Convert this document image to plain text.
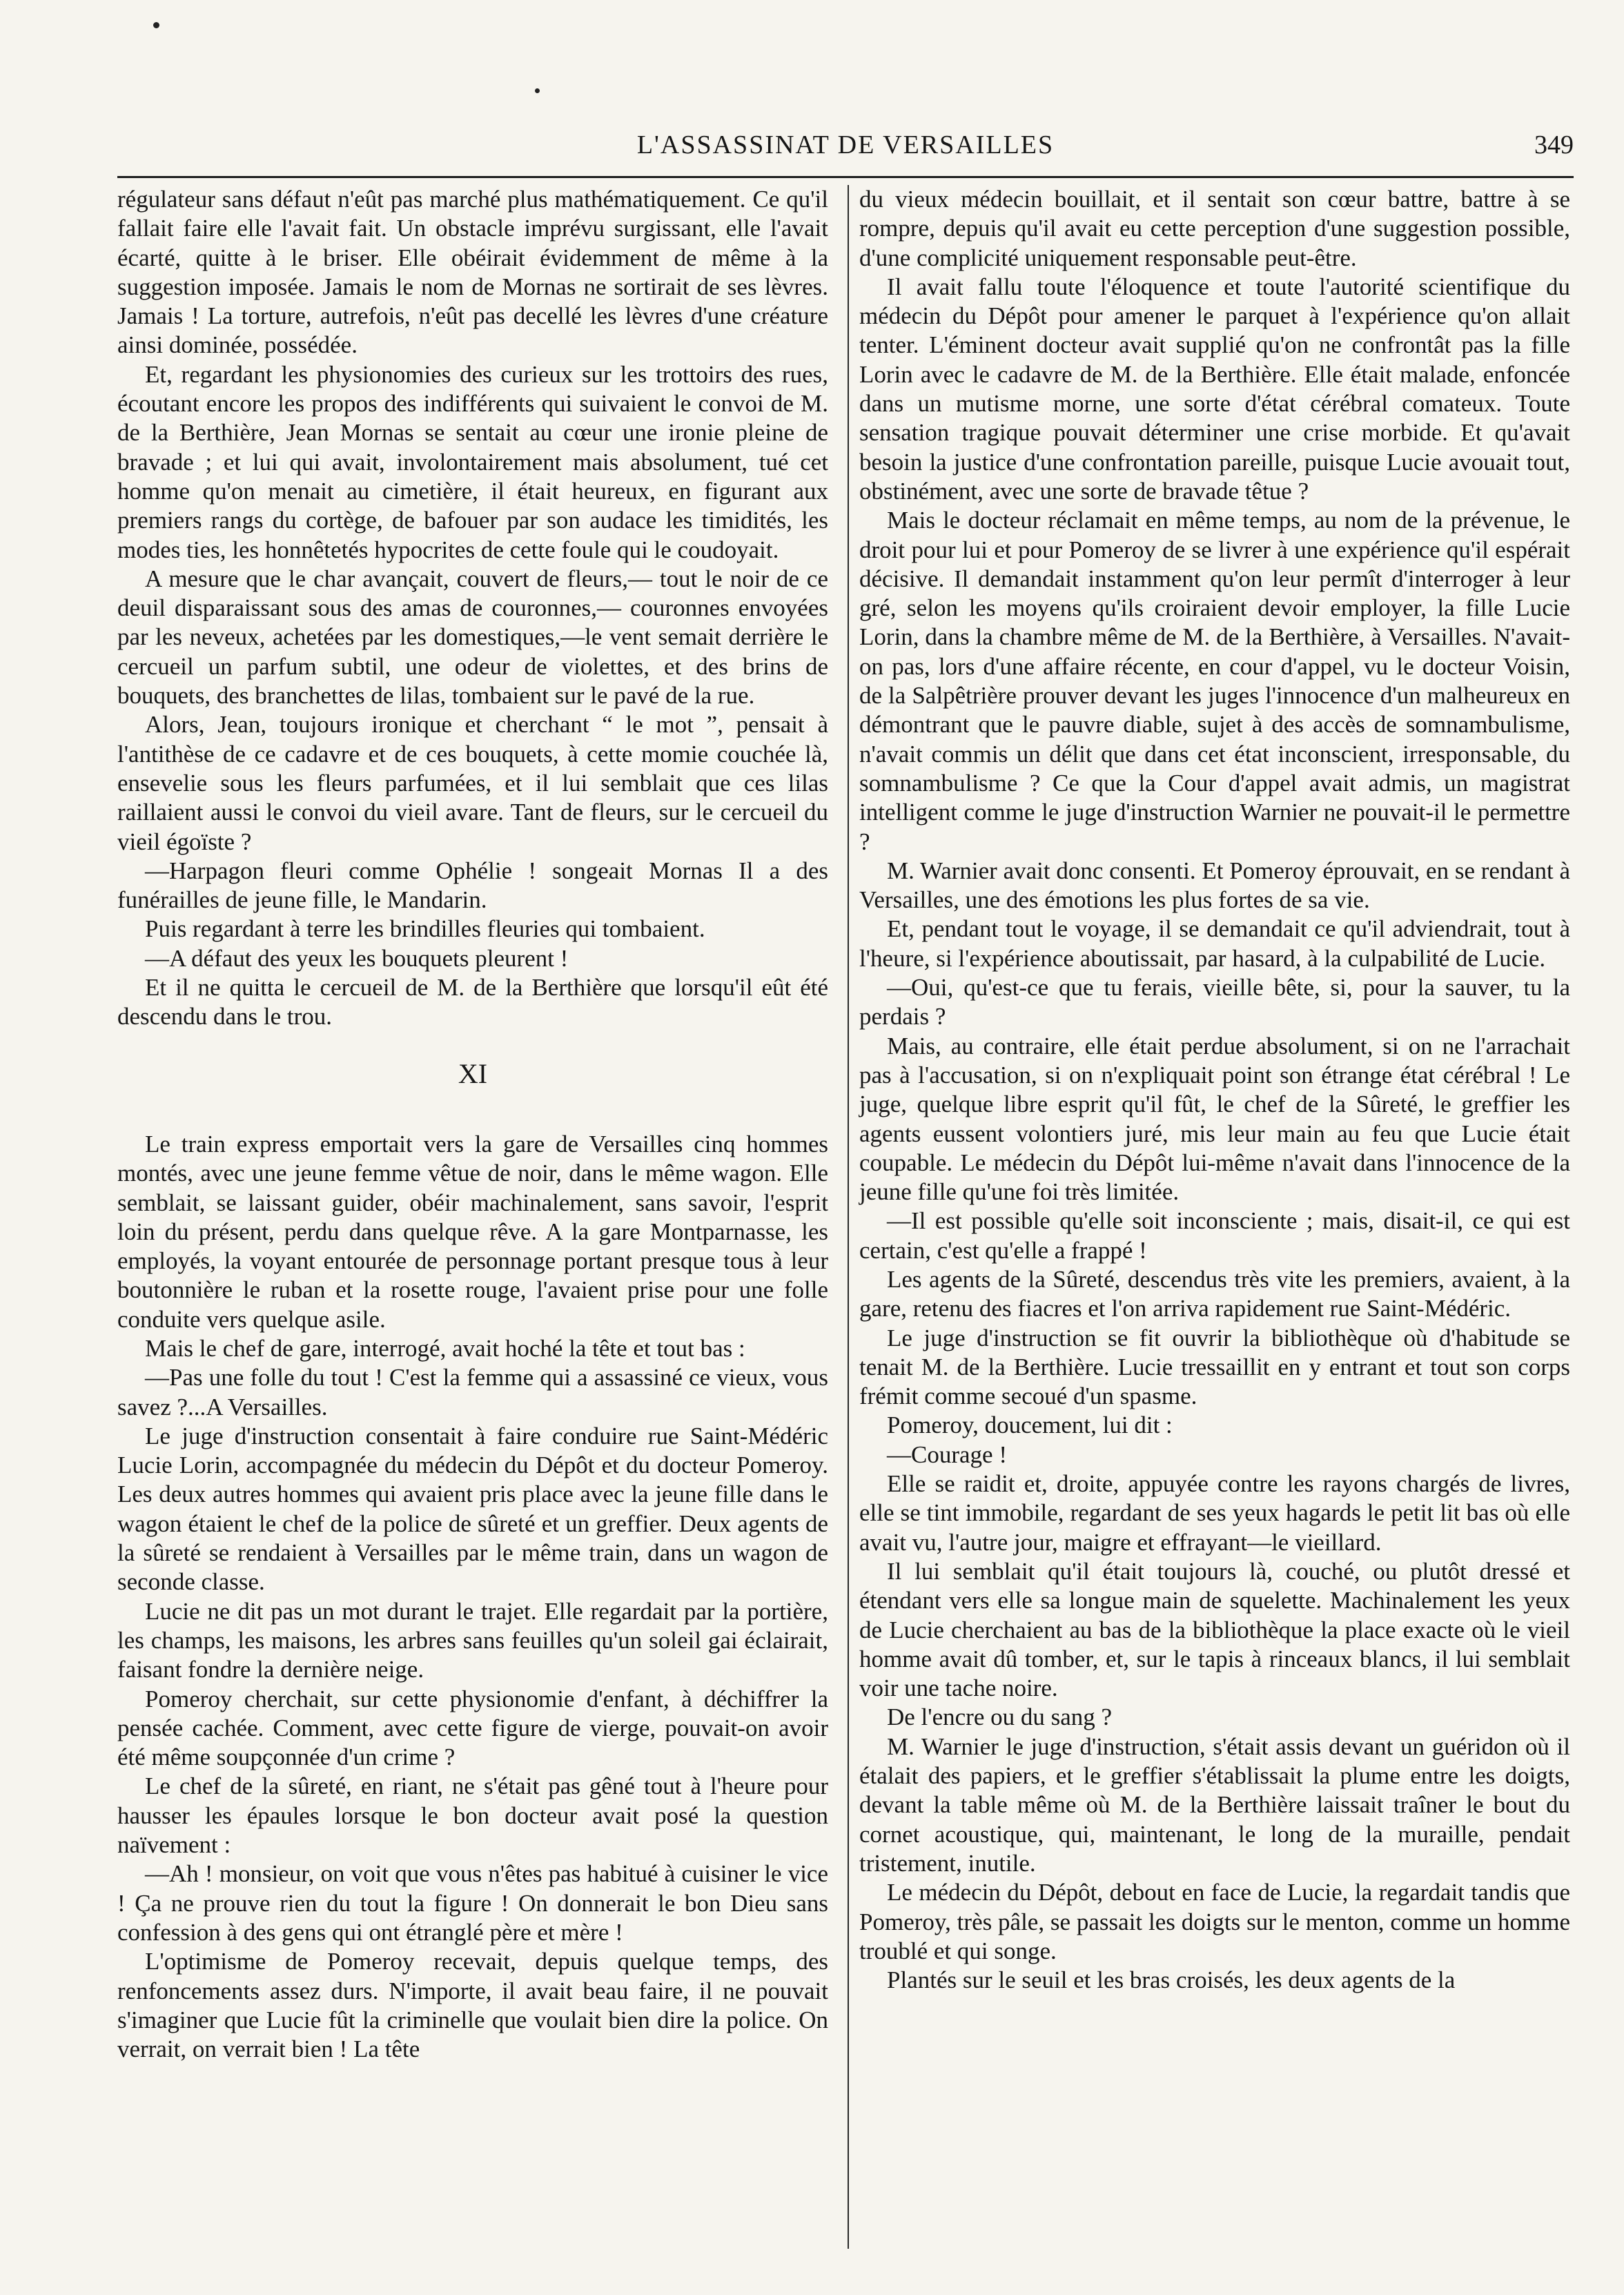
L'ASSASSINAT DE VERSAILLES	349

régulateur sans défaut n'eût pas marché plus mathématiquement. Ce qu'il fallait faire elle l'avait fait. Un obstacle imprévu surgissant, elle l'avait écarté, quitte à le briser. Elle obéirait évidemment de même à la suggestion imposée. Jamais le nom de Mornas ne sortirait de ses lèvres. Jamais ! La torture, autrefois, n'eût pas decellé les lèvres d'une créature ainsi dominée, possédée.

Et, regardant les physionomies des curieux sur les trottoirs des rues, écoutant encore les propos des indifférents qui suivaient le convoi de M. de la Berthière, Jean Mornas se sentait au cœur une ironie pleine de bravade ; et lui qui avait, involontairement mais absolument, tué cet homme qu'on menait au cimetière, il était heureux, en figurant aux premiers rangs du cortège, de bafouer par son audace les timidités, les modes ties, les honnêtetés hypocrites de cette foule qui le coudoyait.

A mesure que le char avançait, couvert de fleurs,— tout le noir de ce deuil disparaissant sous des amas de couronnes,— couronnes envoyées par les neveux, achetées par les domestiques,—le vent semait derrière le cercueil un parfum subtil, une odeur de violettes, et des brins de bouquets, des branchettes de lilas, tombaient sur le pavé de la rue.

Alors, Jean, toujours ironique et cherchant “ le mot ”, pensait à l'antithèse de ce cadavre et de ces bouquets, à cette momie couchée là, ensevelie sous les fleurs parfumées, et il lui semblait que ces lilas raillaient aussi le convoi du vieil avare. Tant de fleurs, sur le cercueil du vieil égoïste ?

—Harpagon fleuri comme Ophélie ! songeait Mornas Il a des funérailles de jeune fille, le Mandarin.

Puis regardant à terre les brindilles fleuries qui tombaient.

—A défaut des yeux les bouquets pleurent !

Et il ne quitta le cercueil de M. de la Berthière que lorsqu'il eût été descendu dans le trou.

XI

Le train express emportait vers la gare de Versailles cinq hommes montés, avec une jeune femme vêtue de noir, dans le même wagon. Elle semblait, se laissant guider, obéir machinalement, sans savoir, l'esprit loin du présent, perdu dans quelque rêve. A la gare Montparnasse, les employés, la voyant entourée de personnage portant presque tous à leur boutonnière le ruban et la rosette rouge, l'avaient prise pour une folle conduite vers quelque asile.

Mais le chef de gare, interrogé, avait hoché la tête et tout bas :

—Pas une folle du tout ! C'est la femme qui a assassiné ce vieux, vous savez ?...A Versailles.

Le juge d'instruction consentait à faire conduire rue Saint-Médéric Lucie Lorin, accompagnée du médecin du Dépôt et du docteur Pomeroy. Les deux autres hommes qui avaient pris place avec la jeune fille dans le wagon étaient le chef de la police de sûreté et un greffier. Deux agents de la sûreté se rendaient à Versailles par le même train, dans un wagon de seconde classe.

Lucie ne dit pas un mot durant le trajet. Elle regardait par la portière, les champs, les maisons, les arbres sans feuilles qu'un soleil gai éclairait, faisant fondre la dernière neige.

Pomeroy cherchait, sur cette physionomie d'enfant, à déchiffrer la pensée cachée. Comment, avec cette figure de vierge, pouvait-on avoir été même soupçonnée d'un crime ?

Le chef de la sûreté, en riant, ne s'était pas gêné tout à l'heure pour hausser les épaules lorsque le bon docteur avait posé la question naïvement :

—Ah ! monsieur, on voit que vous n'êtes pas habitué à cuisiner le vice ! Ça ne prouve rien du tout la figure ! On donnerait le bon Dieu sans confession à des gens qui ont étranglé père et mère !

L'optimisme de Pomeroy recevait, depuis quelque temps, des renfoncements assez durs. N'importe, il avait beau faire, il ne pouvait s'imaginer que Lucie fût la criminelle que voulait bien dire la police. On verrait, on verrait bien ! La tête

du vieux médecin bouillait, et il sentait son cœur battre, battre à se rompre, depuis qu'il avait eu cette perception d'une suggestion possible, d'une complicité uniquement responsable peut-être.

Il avait fallu toute l'éloquence et toute l'autorité scientifique du médecin du Dépôt pour amener le parquet à l'expérience qu'on allait tenter. L'éminent docteur avait supplié qu'on ne confrontât pas la fille Lorin avec le cadavre de M. de la Berthière. Elle était malade, enfoncée dans un mutisme morne, une sorte d'état cérébral comateux. Toute sensation tragique pouvait déterminer une crise morbide. Et qu'avait besoin la justice d'une confrontation pareille, puisque Lucie avouait tout, obstinément, avec une sorte de bravade têtue ?

Mais le docteur réclamait en même temps, au nom de la prévenue, le droit pour lui et pour Pomeroy de se livrer à une expérience qu'il espérait décisive. Il demandait instamment qu'on leur permît d'interroger à leur gré, selon les moyens qu'ils croiraient devoir employer, la fille Lucie Lorin, dans la chambre même de M. de la Berthière, à Versailles. N'avait-on pas, lors d'une affaire récente, en cour d'appel, vu le docteur Voisin, de la Salpêtrière prouver devant les juges l'innocence d'un malheureux en démontrant que le pauvre diable, sujet à des accès de somnambulisme, n'avait commis un délit que dans cet état inconscient, irresponsable, du somnambulisme ? Ce que la Cour d'appel avait admis, un magistrat intelligent comme le juge d'instruction Warnier ne pouvait-il le permettre ?

M. Warnier avait donc consenti. Et Pomeroy éprouvait, en se rendant à Versailles, une des émotions les plus fortes de sa vie.

Et, pendant tout le voyage, il se demandait ce qu'il adviendrait, tout à l'heure, si l'expérience aboutissait, par hasard, à la culpabilité de Lucie.

—Oui, qu'est-ce que tu ferais, vieille bête, si, pour la sauver, tu la perdais ?

Mais, au contraire, elle était perdue absolument, si on ne l'arrachait pas à l'accusation, si on n'expliquait point son étrange état cérébral ! Le juge, quelque libre esprit qu'il fût, le chef de la Sûreté, le greffier les agents eussent volontiers juré, mis leur main au feu que Lucie était coupable. Le médecin du Dépôt lui-même n'avait dans l'innocence de la jeune fille qu'une foi très limitée.

—Il est possible qu'elle soit inconsciente ; mais, disait-il, ce qui est certain, c'est qu'elle a frappé !

Les agents de la Sûreté, descendus très vite les premiers, avaient, à la gare, retenu des fiacres et l'on arriva rapidement rue Saint-Médéric.

Le juge d'instruction se fit ouvrir la bibliothèque où d'habitude se tenait M. de la Berthière. Lucie tressaillit en y entrant et tout son corps frémit comme secoué d'un spasme.

Pomeroy, doucement, lui dit :

—Courage !

Elle se raidit et, droite, appuyée contre les rayons chargés de livres, elle se tint immobile, regardant de ses yeux hagards le petit lit bas où elle avait vu, l'autre jour, maigre et effrayant—le vieillard.

Il lui semblait qu'il était toujours là, couché, ou plutôt dressé et étendant vers elle sa longue main de squelette. Machinalement les yeux de Lucie cherchaient au bas de la bibliothèque la place exacte où le vieil homme avait dû tomber, et, sur le tapis à rinceaux blancs, il lui semblait voir une tache noire.

De l'encre ou du sang ?

M. Warnier le juge d'instruction, s'était assis devant un guéridon où il étalait des papiers, et le greffier s'établissait la plume entre les doigts, devant la table même où M. de la Berthière laissait traîner le bout du cornet acoustique, qui, maintenant, le long de la muraille, pendait tristement, inutile.

Le médecin du Dépôt, debout en face de Lucie, la regardait tandis que Pomeroy, très pâle, se passait les doigts sur le menton, comme un homme troublé et qui songe.

Plantés sur le seuil et les bras croisés, les deux agents de la
